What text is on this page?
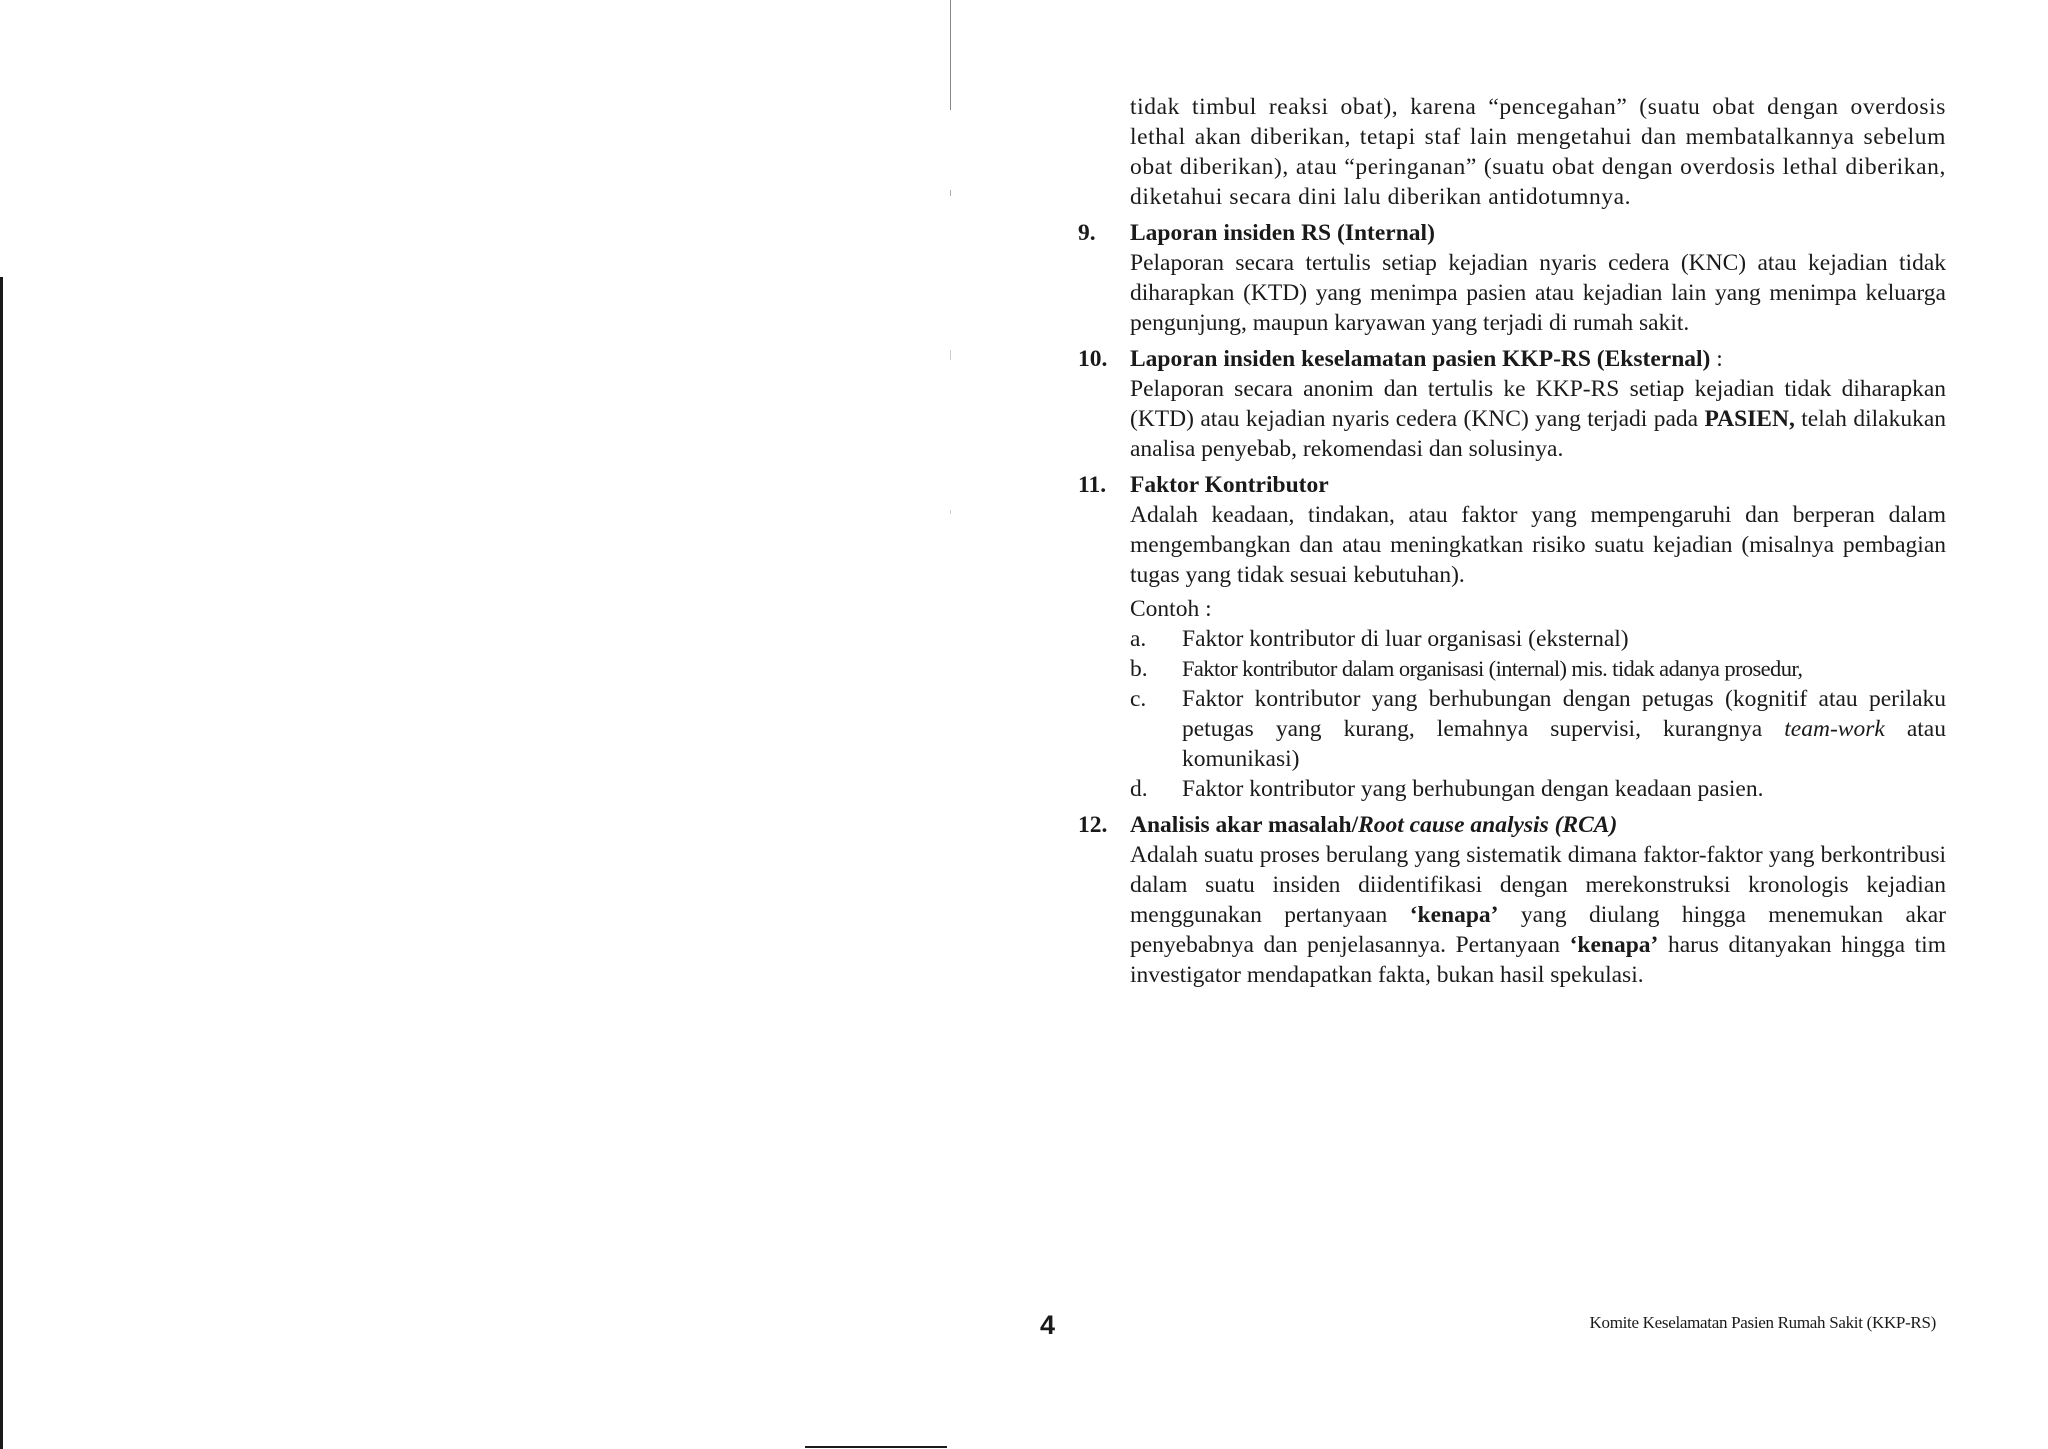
tidak timbul reaksi obat), karena “pencegahan” (suatu obat dengan overdosis lethal akan diberikan, tetapi staf lain mengetahui dan membatalkannya sebelum obat diberikan), atau “peringanan” (suatu obat dengan overdosis lethal diberikan, diketahui secara dini lalu diberikan antidotumnya.

9. Laporan insiden RS (Internal)
Pelaporan secara tertulis setiap kejadian nyaris cedera (KNC) atau kejadian tidak diharapkan (KTD) yang menimpa pasien atau kejadian lain yang menimpa keluarga pengunjung, maupun karyawan yang terjadi di rumah sakit.
10. Laporan insiden keselamatan pasien KKP-RS (Eksternal) :
Pelaporan secara anonim dan tertulis ke KKP-RS setiap kejadian tidak diharapkan (KTD) atau kejadian nyaris cedera (KNC) yang terjadi pada PASIEN, telah dilakukan analisa penyebab, rekomendasi dan solusinya.
11. Faktor Kontributor
Adalah keadaan, tindakan, atau faktor yang mempengaruhi dan berperan dalam mengembangkan dan atau meningkatkan risiko suatu kejadian (misalnya pembagian tugas yang tidak sesuai kebutuhan).
Contoh :
a. Faktor kontributor di luar organisasi (eksternal)
b. Faktor kontributor dalam organisasi (internal) mis. tidak adanya prosedur,
c. Faktor kontributor yang berhubungan dengan petugas (kognitif atau perilaku petugas yang kurang, lemahnya supervisi, kurangnya team-work atau komunikasi)
d. Faktor kontributor yang berhubungan dengan keadaan pasien.
12. Analisis akar masalah/Root cause analysis (RCA)
Adalah suatu proses berulang yang sistematik dimana faktor-faktor yang berkontribusi dalam suatu insiden diidentifikasi dengan merekonstruksi kronologis kejadian menggunakan pertanyaan ‘kenapa’ yang diulang hingga menemukan akar penyebabnya dan penjelasannya. Pertanyaan ‘kenapa’ harus ditanyakan hingga tim investigator mendapatkan fakta, bukan hasil spekulasi.
4	Komite Keselamatan Pasien Rumah Sakit (KKP-RS)
